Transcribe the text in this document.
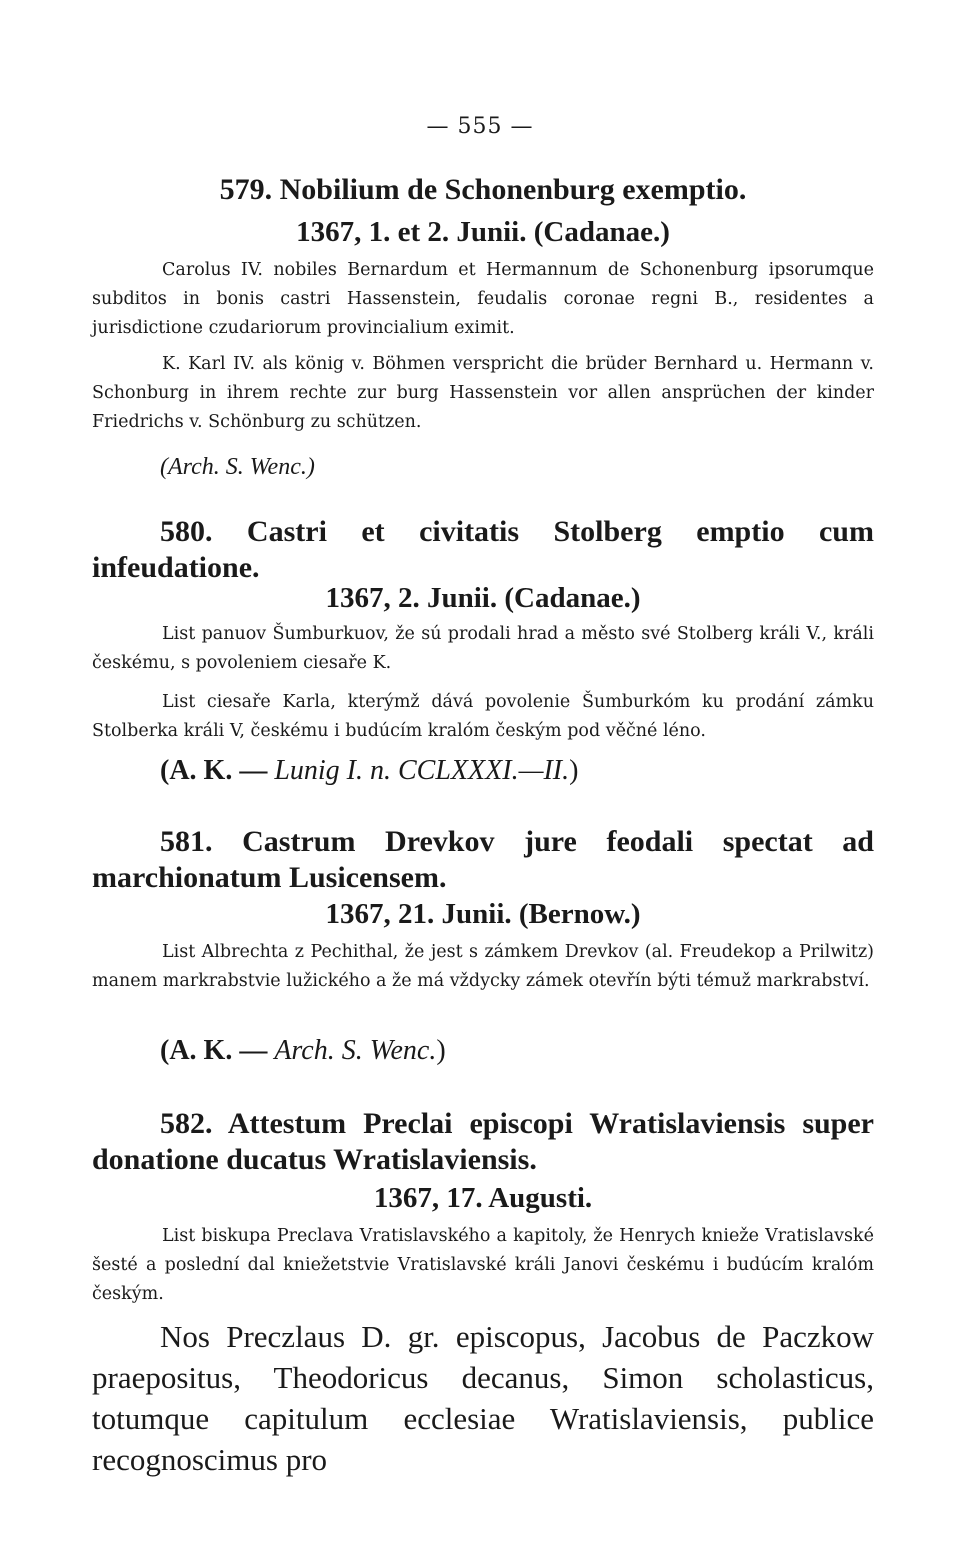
— 555 —
579. Nobilium de Schonenburg exemptio.
1367, 1. et 2. Junii. (Cadanae.)
Carolus IV. nobiles Bernardum et Hermannum de Schonenburg ipsorumque subditos in bonis castri Hassenstein, feudalis coronae regni B., residentes a jurisdictione czudariorum provincialium eximit.
K. Karl IV. als könig v. Böhmen verspricht die brüder Bernhard u. Hermann v. Schonburg in ihrem rechte zur burg Hassenstein vor allen ansprüchen der kinder Friedrichs v. Schönburg zu schützen.
(Arch. S. Wenc.)
580. Castri et civitatis Stolberg emptio cum infeudatione.
1367, 2. Junii. (Cadanae.)
List panuov Šumburkuov, že sú prodali hrad a město své Stolberg králi V., králi českému, s povoleniem ciesaře K.
List ciesaře Karla, kterýmž dává povolenie Šumburkóm ku prodání zámku Stolberka králi V, českému i budúcím kralóm českým pod věčné léno.
(A. K. — Lunig I. n. CCLXXXI.—II.)
581. Castrum Drevkov jure feodali spectat ad marchionatum Lusicensem.
1367, 21. Junii. (Bernow.)
List Albrechta z Pechithal, že jest s zámkem Drevkov (al. Freudekop a Prilwitz) manem markrabstvie lužického a že má vždycky zámek otevřín býti témuž markrabství.
(A. K. — Arch. S. Wenc.)
582. Attestum Preclai episcopi Wratislaviensis super donatione ducatus Wratislaviensis.
1367, 17. Augusti.
List biskupa Preclava Vratislavského a kapitoly, že Henrych knieže Vratislavské šesté a poslední dal kniežetstvie Vratislavské králi Janovi českému i budúcím kralóm českým.
Nos Preczlaus D. gr. episcopus, Jacobus de Paczkow praepositus, Theodoricus decanus, Simon scholasticus, totumque capitulum ecclesiae Wratislaviensis, publice recognoscimus pro
